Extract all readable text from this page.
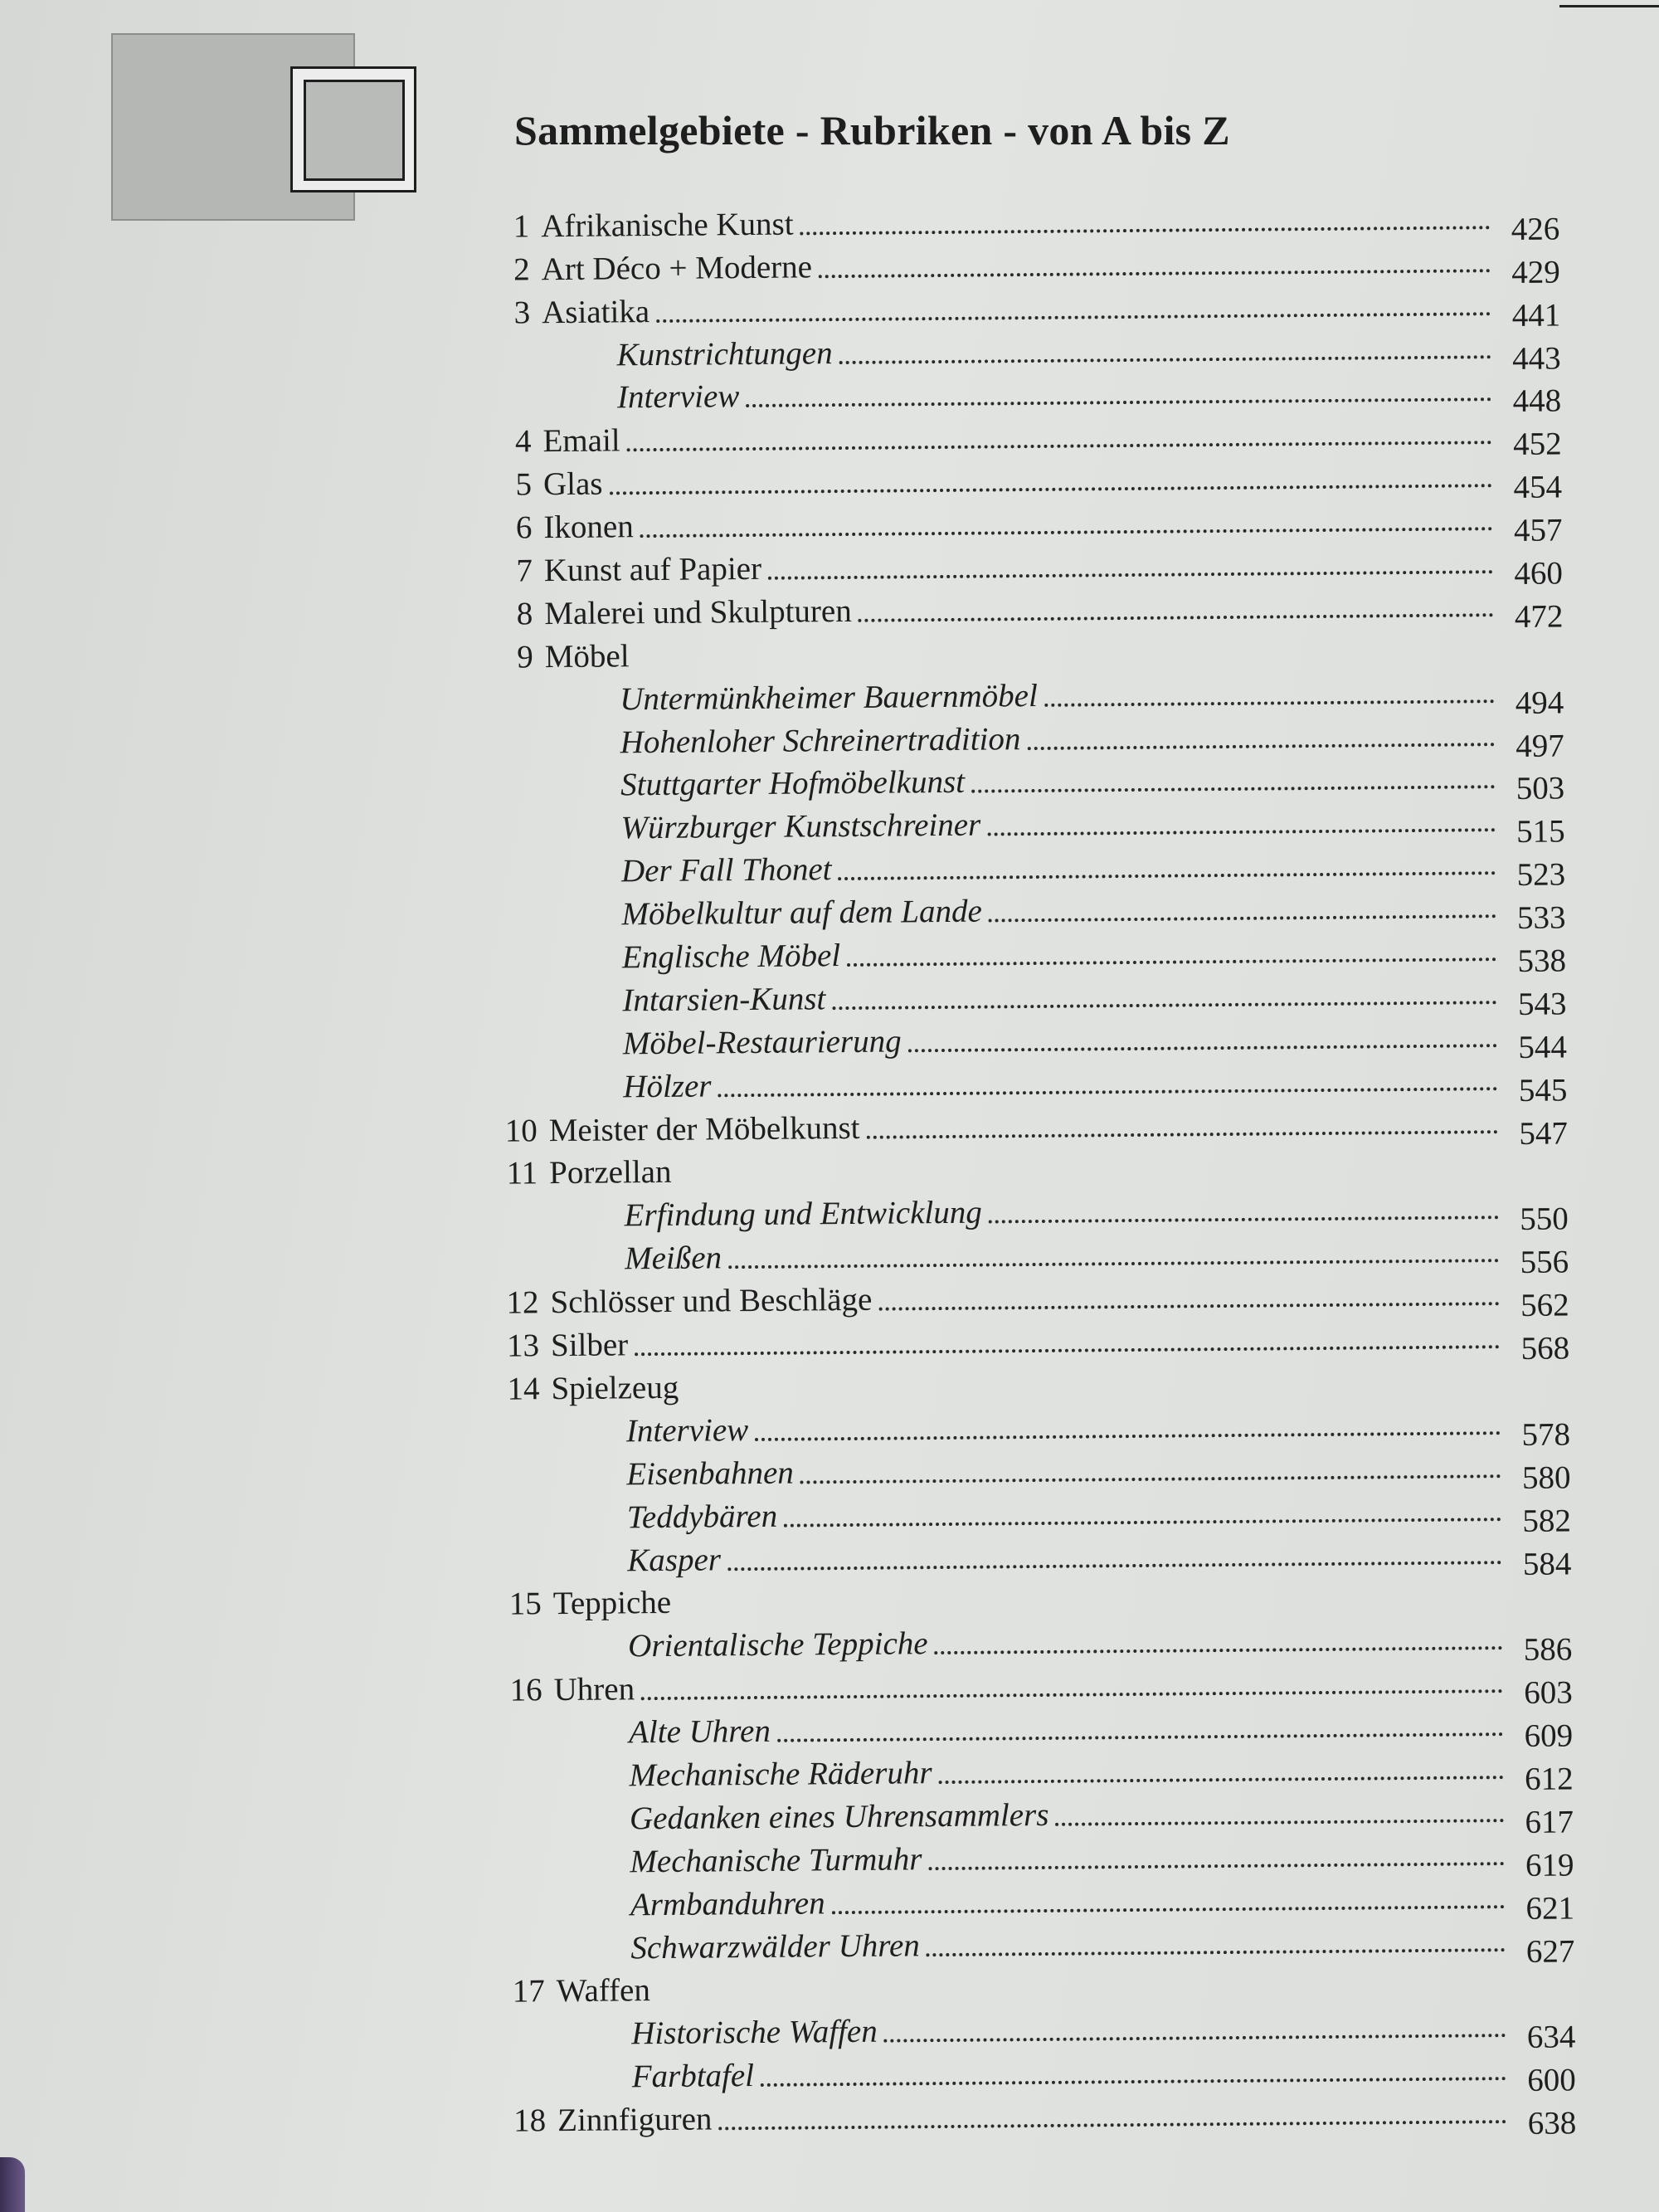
Sammelgebiete - Rubriken - von A bis Z
1 Afrikanische Kunst	426
2 Art Déco + Moderne	429
3 Asiatika	441
Kunstrichtungen	443
Interview	448
4 Email	452
5 Glas	454
6 Ikonen	457
7 Kunst auf Papier	460
8 Malerei und Skulpturen	472
9 Möbel
Untermünkheimer Bauernmöbel	494
Hohenloher Schreinertradition	497
Stuttgarter Hofmöbelkunst	503
Würzburger Kunstschreiner	515
Der Fall Thonet	523
Möbelkultur auf dem Lande	533
Englische Möbel	538
Intarsien-Kunst	543
Möbel-Restaurierung	544
Hölzer	545
10 Meister der Möbelkunst	547
11 Porzellan
Erfindung und Entwicklung	550
Meißen	556
12 Schlösser und Beschläge	562
13 Silber	568
14 Spielzeug
Interview	578
Eisenbahnen	580
Teddybären	582
Kasper	584
15 Teppiche
Orientalische Teppiche	586
16 Uhren	603
Alte Uhren	609
Mechanische Räderuhr	612
Gedanken eines Uhrensammlers	617
Mechanische Turmuhr	619
Armbanduhren	621
Schwarzwälder Uhren	627
17 Waffen
Historische Waffen	634
Farbtafel	600
18 Zinnfiguren	638
